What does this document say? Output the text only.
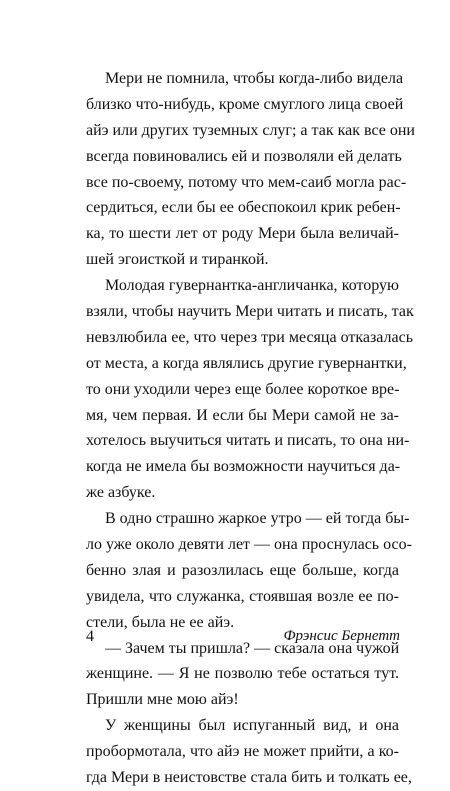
Мери не помнила, чтобы когда-либо видела
близко что-нибудь, кроме смуглого лица своей
айэ или других туземных слуг; а так как все они
всегда повиновались ей и позволяли ей делать
все по-своему, потому что мем-саиб могла рас-
сердиться, если бы ее обеспокоил крик ребен-
ка, то шести лет от роду Мери была величай-
шей эгоисткой и тиранкой.
Молодая гувернантка-англичанка, которую
взяли, чтобы научить Мери читать и писать, так
невзлюбила ее, что через три месяца отказалась
от места, а когда являлись другие гувернантки,
то они уходили через еще более короткое вре-
мя, чем первая. И если бы Мери самой не за-
хотелось выучиться читать и писать, то она ни-
когда не имела бы возможности научиться да-
же азбуке.
В одно страшно жаркое утро — ей тогда бы-
ло уже около девяти лет — она проснулась осо-
бенно злая и разозлилась еще больше, когда
увидела, что служанка, стоявшая возле ее по-
стели, была не ее айэ.
— Зачем ты пришла? — сказала она чужой
женщине. — Я не позволю тебе остаться тут.
Пришли мне мою айэ!
У женщины был испуганный вид, и она
пробормотала, что айэ не может прийти, а ко-
гда Мери в неистовстве стала бить и толкать ее,
4	Фрэнсис Бернетт
